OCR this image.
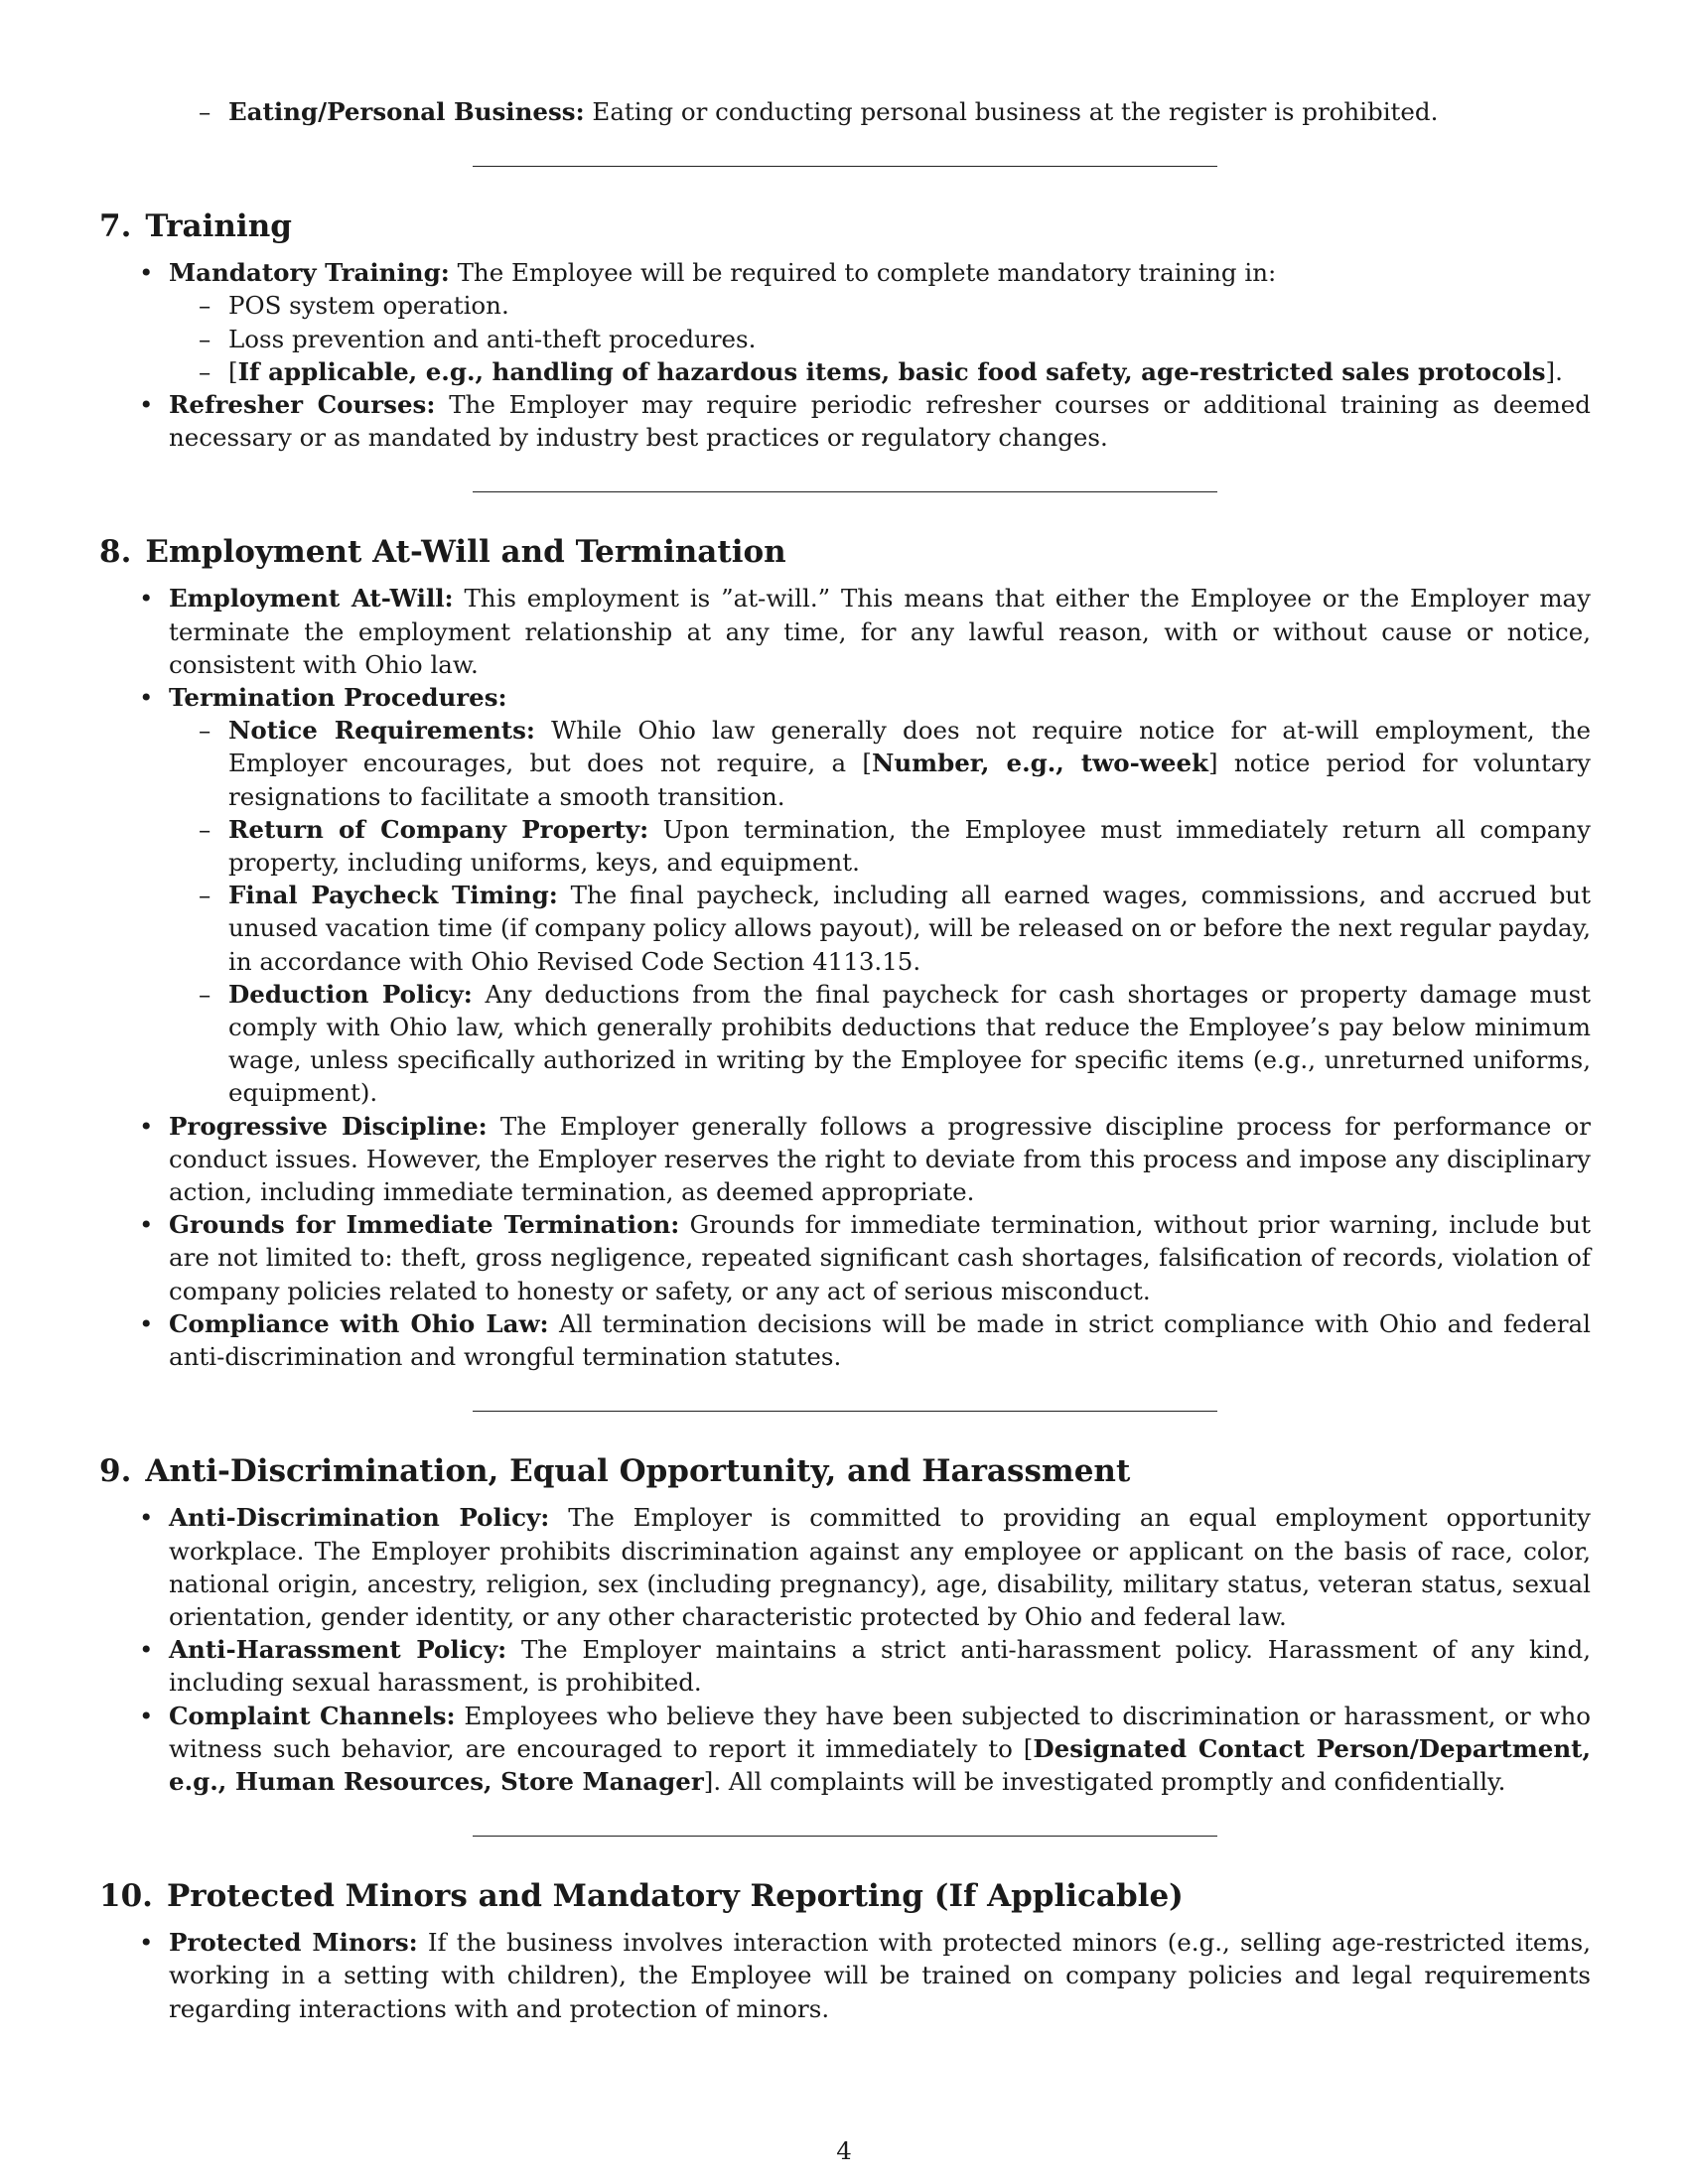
– Eating/Personal Business: Eating or conducting personal business at the register is prohibited.
7. Training
• Mandatory Training: The Employee will be required to complete mandatory training in:
– POS system operation.
– Loss prevention and anti-theft procedures.
– [If applicable, e.g., handling of hazardous items, basic food safety, age-restricted sales protocols].
• Refresher Courses: The Employer may require periodic refresher courses or additional training as deemed necessary or as mandated by industry best practices or regulatory changes.
8. Employment At-Will and Termination
• Employment At-Will: This employment is ”at-will.” This means that either the Employee or the Employer may terminate the employment relationship at any time, for any lawful reason, with or without cause or notice, consistent with Ohio law.
• Termination Procedures:
– Notice Requirements: While Ohio law generally does not require notice for at-will employment, the Employer encourages, but does not require, a [Number, e.g., two-week] notice period for voluntary resignations to facilitate a smooth transition.
– Return of Company Property: Upon termination, the Employee must immediately return all company property, including uniforms, keys, and equipment.
– Final Paycheck Timing: The final paycheck, including all earned wages, commissions, and accrued but unused vacation time (if company policy allows payout), will be released on or before the next regular payday, in accordance with Ohio Revised Code Section 4113.15.
– Deduction Policy: Any deductions from the final paycheck for cash shortages or property damage must comply with Ohio law, which generally prohibits deductions that reduce the Employee’s pay below minimum wage, unless specifically authorized in writing by the Employee for specific items (e.g., unreturned uniforms, equipment).
• Progressive Discipline: The Employer generally follows a progressive discipline process for performance or conduct issues. However, the Employer reserves the right to deviate from this process and impose any disciplinary action, including immediate termination, as deemed appropriate.
• Grounds for Immediate Termination: Grounds for immediate termination, without prior warning, include but are not limited to: theft, gross negligence, repeated significant cash shortages, falsification of records, violation of company policies related to honesty or safety, or any act of serious misconduct.
• Compliance with Ohio Law: All termination decisions will be made in strict compliance with Ohio and federal anti-discrimination and wrongful termination statutes.
9. Anti-Discrimination, Equal Opportunity, and Harassment
• Anti-Discrimination Policy: The Employer is committed to providing an equal employment opportunity workplace. The Employer prohibits discrimination against any employee or applicant on the basis of race, color, national origin, ancestry, religion, sex (including pregnancy), age, disability, military status, veteran status, sexual orientation, gender identity, or any other characteristic protected by Ohio and federal law.
• Anti-Harassment Policy: The Employer maintains a strict anti-harassment policy. Harassment of any kind, including sexual harassment, is prohibited.
• Complaint Channels: Employees who believe they have been subjected to discrimination or harassment, or who witness such behavior, are encouraged to report it immediately to [Designated Contact Person/Department, e.g., Human Resources, Store Manager]. All complaints will be investigated promptly and confidentially.
10. Protected Minors and Mandatory Reporting (If Applicable)
• Protected Minors: If the business involves interaction with protected minors (e.g., selling age-restricted items, working in a setting with children), the Employee will be trained on company policies and legal requirements regarding interactions with and protection of minors.
4
